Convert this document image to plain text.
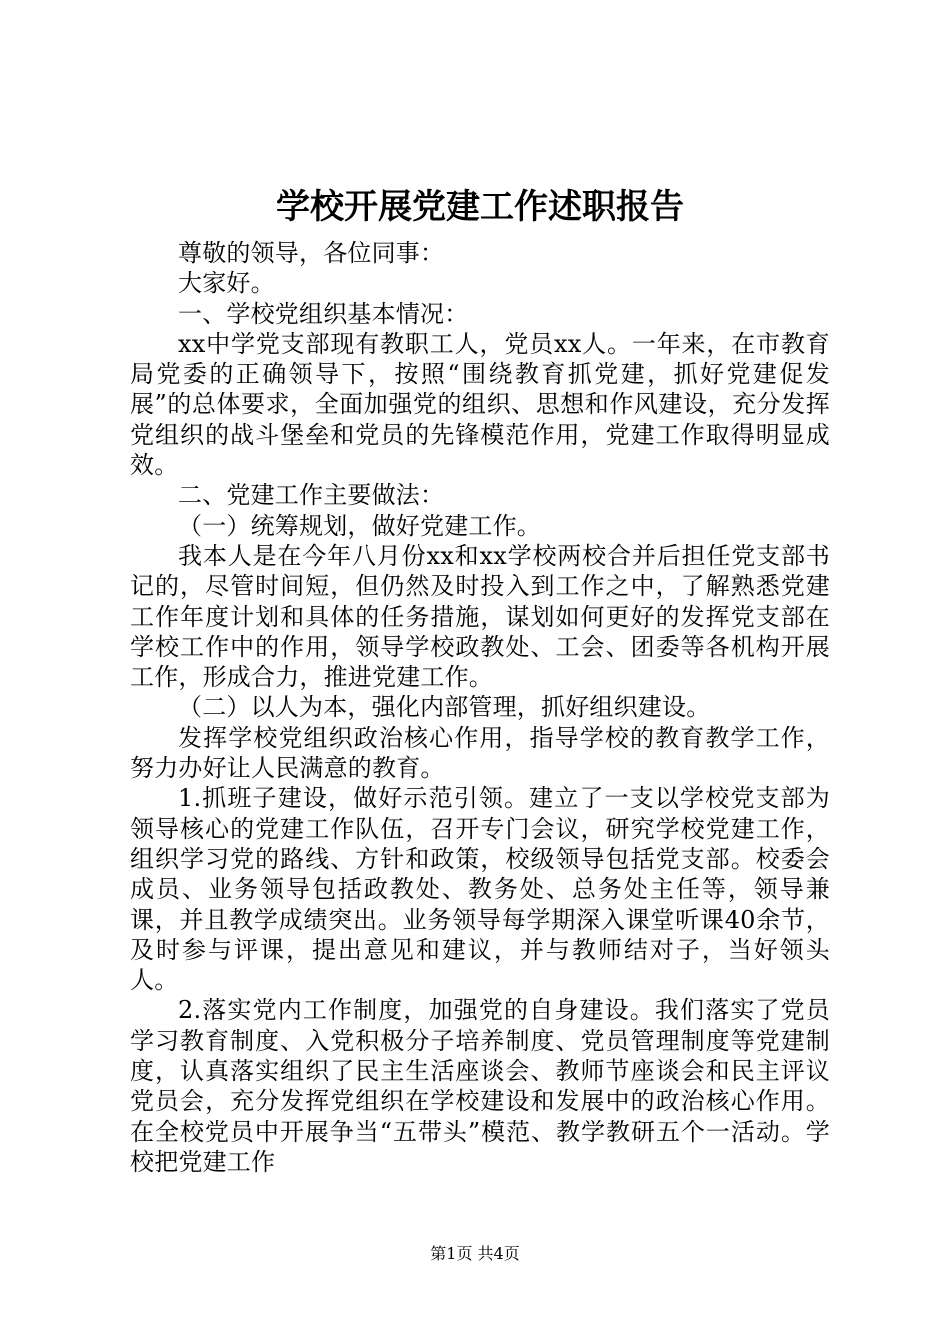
学校开展党建工作述职报告

尊敬的领导，各位同事：

大家好。

一、学校党组织基本情况：

xx中学党支部现有教职工人，党员xx人。一年来，在市教育局党委的正确领导下，按照“围绕教育抓党建，抓好党建促发展”的总体要求，全面加强党的组织、思想和作风建设，充分发挥党组织的战斗堡垒和党员的先锋模范作用，党建工作取得明显成效。

二、党建工作主要做法：

（一）统筹规划，做好党建工作。

我本人是在今年八月份xx和xx学校两校合并后担任党支部书记的，尽管时间短，但仍然及时投入到工作之中，了解熟悉党建工作年度计划和具体的任务措施，谋划如何更好的发挥党支部在学校工作中的作用，领导学校政教处、工会、团委等各机构开展工作，形成合力，推进党建工作。

（二）以人为本，强化内部管理，抓好组织建设。

发挥学校党组织政治核心作用，指导学校的教育教学工作，努力办好让人民满意的教育。

1.抓班子建设，做好示范引领。建立了一支以学校党支部为领导核心的党建工作队伍，召开专门会议，研究学校党建工作，组织学习党的路线、方针和政策，校级领导包括党支部。校委会成员、业务领导包括政教处、教务处、总务处主任等，领导兼课，并且教学成绩突出。业务领导每学期深入课堂听课40余节，及时参与评课，提出意见和建议，并与教师结对子，当好领头人。

2.落实党内工作制度，加强党的自身建设。我们落实了党员学习教育制度、入党积极分子培养制度、党员管理制度等党建制度，认真落实组织了民主生活座谈会、教师节座谈会和民主评议党员会，充分发挥党组织在学校建设和发展中的政治核心作用。在全校党员中开展争当“五带头”模范、教学教研五个一活动。学校把党建工作

第1页 共4页
